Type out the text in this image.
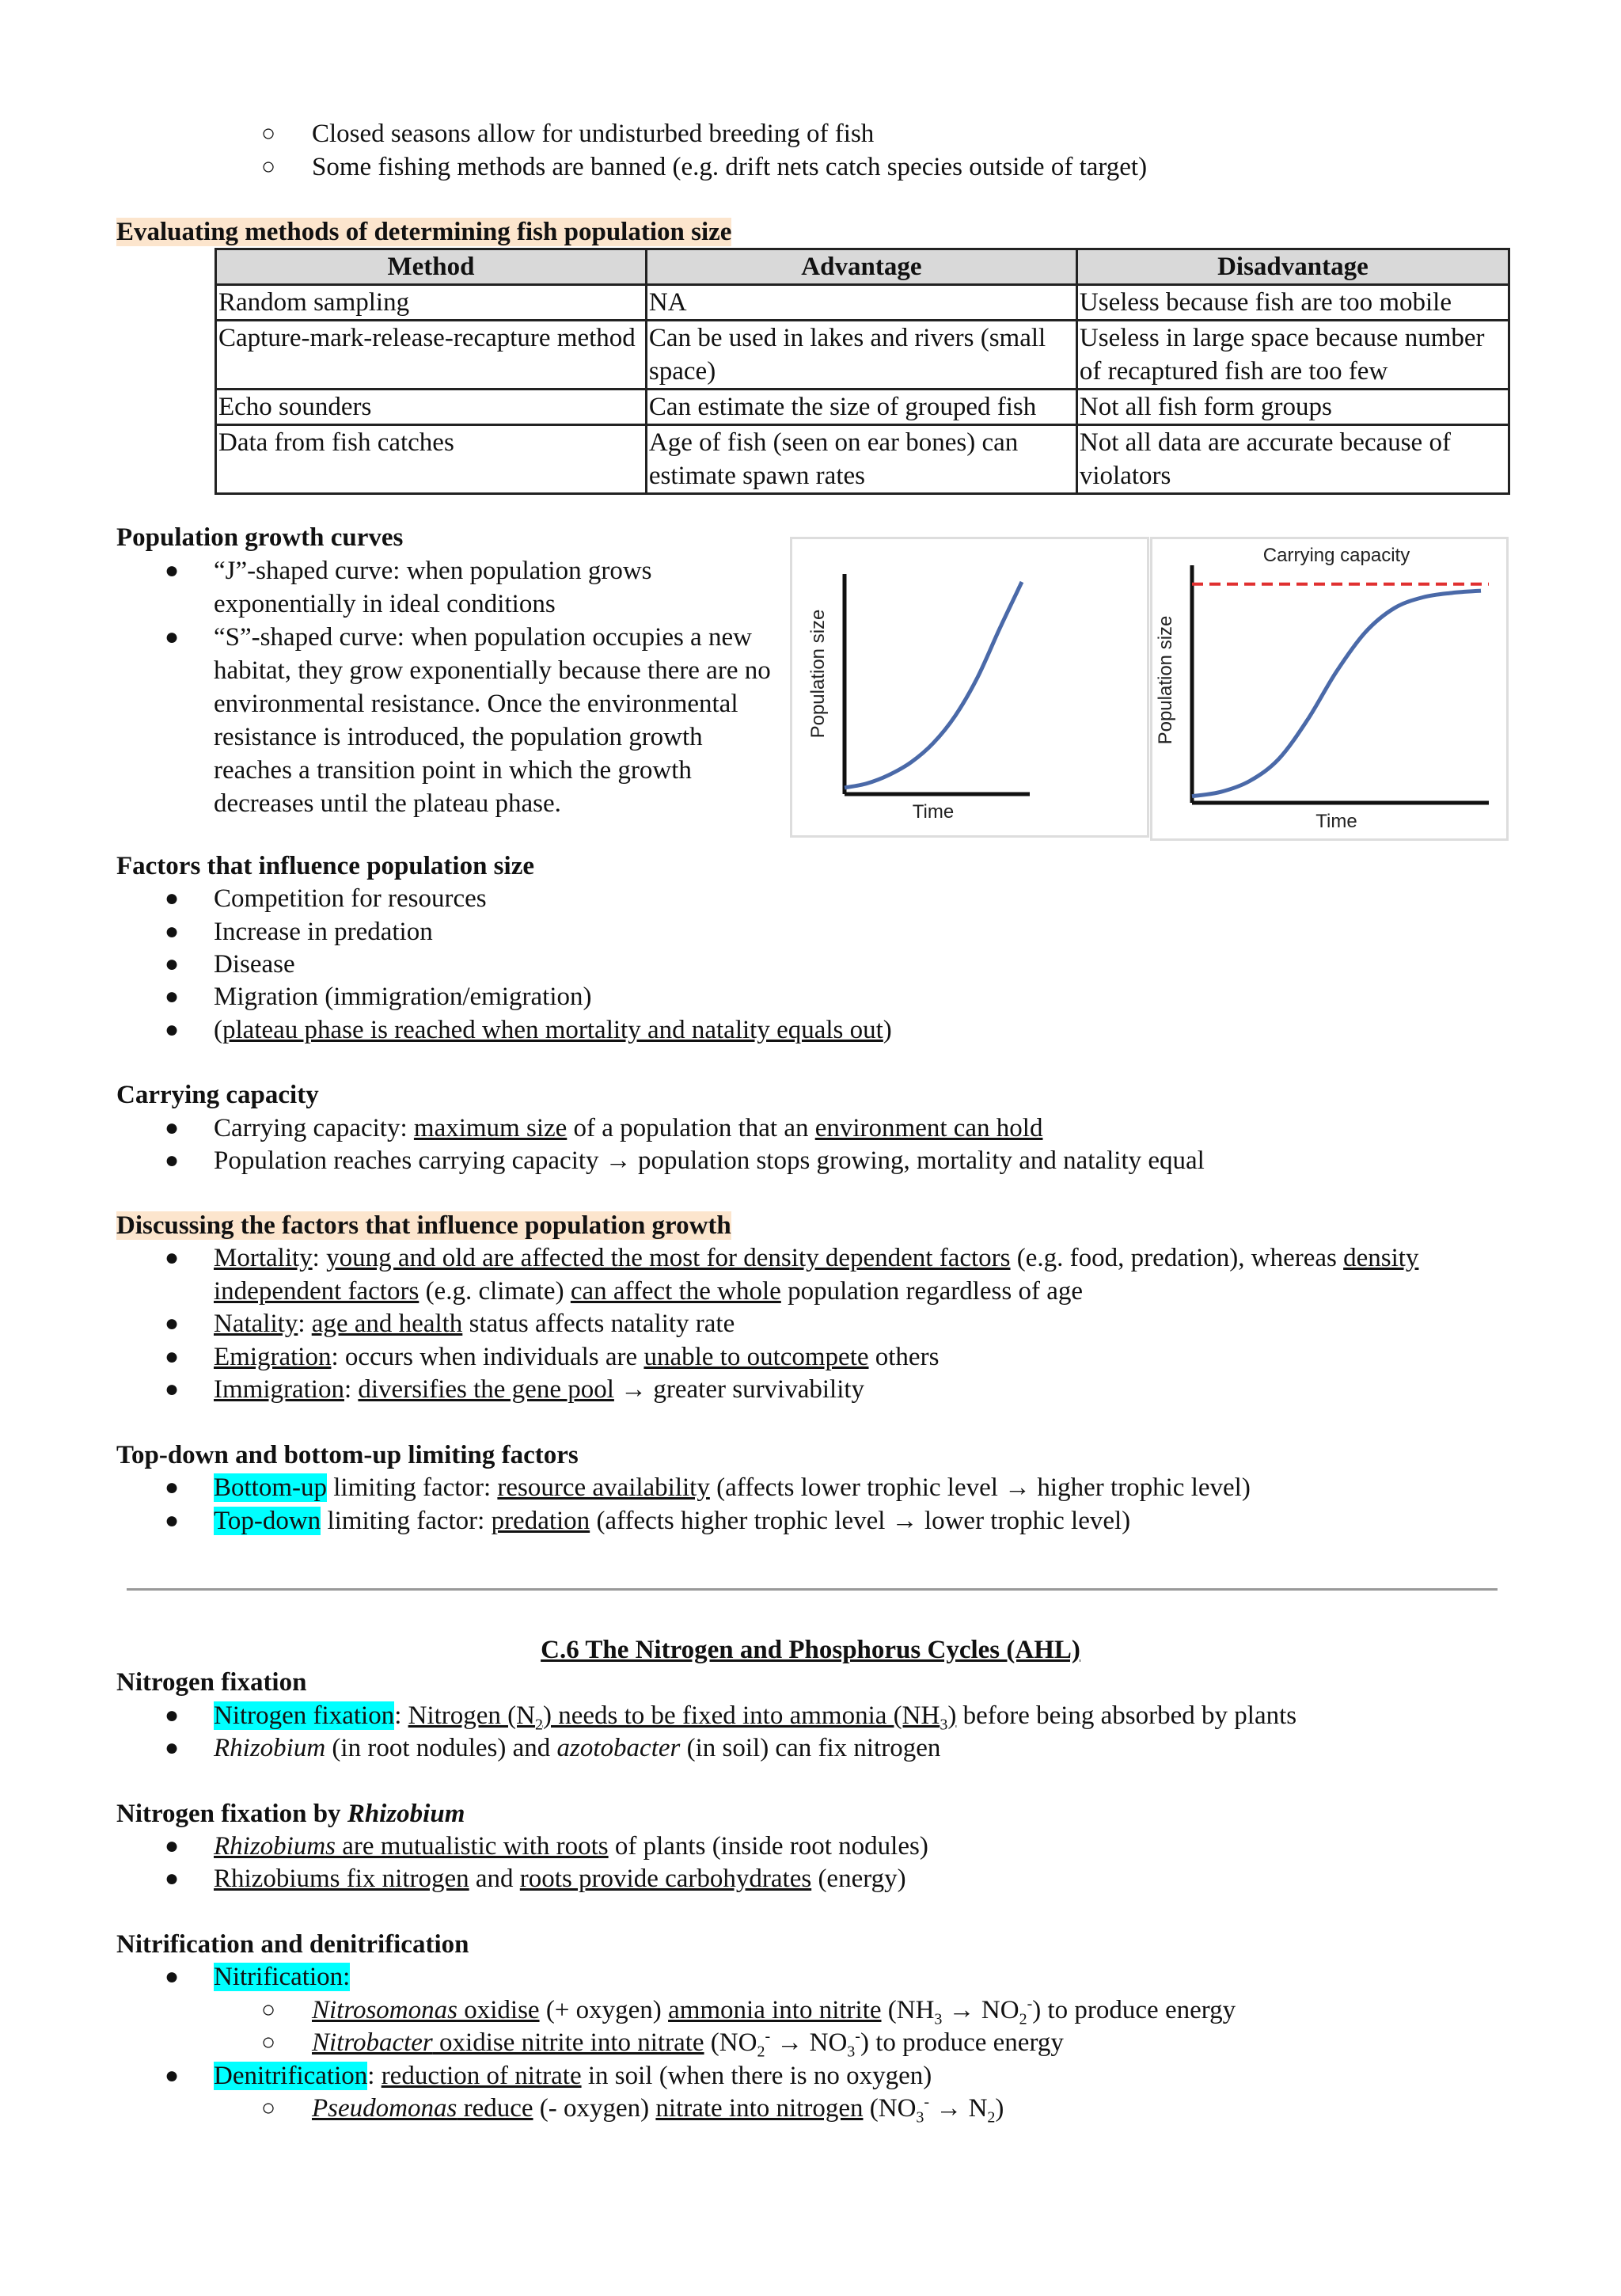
○ Closed seasons allow for undisturbed breeding of fish
○ Some fishing methods are banned (e.g. drift nets catch species outside of target)
Evaluating methods of determining fish population size
Method	Advantage	Disadvantage
Random sampling	NA	Useless because fish are too mobile
Capture-mark-release-recapture method	Can be used in lakes and rivers (small space)	Useless in large space because number of recaptured fish are too few
Echo sounders	Can estimate the size of grouped fish	Not all fish form groups
Data from fish catches	Age of fish (seen on ear bones) can estimate spawn rates	Not all data are accurate because of violators
Population growth curves
● “J”-shaped curve: when population grows exponentially in ideal conditions
● “S”-shaped curve: when population occupies a new habitat, they grow exponentially because there are no environmental resistance. Once the environmental resistance is introduced, the population growth reaches a transition point in which the growth decreases until the plateau phase.	Time
Population size
Time
Population size
Carrying capacity
Factors that influence population size
● Competition for resources
● Increase in predation
● Disease
● Migration (immigration/emigration)
● (plateau phase is reached when mortality and natality equals out)
Carrying capacity
● Carrying capacity: maximum size of a population that an environment can hold
● Population reaches carrying capacity → population stops growing, mortality and natality equal
Discussing the factors that influence population growth
● Mortality: young and old are affected the most for density dependent factors (e.g. food, predation), whereas density
independent factors (e.g. climate) can affect the whole population regardless of age
● Natality: age and health status affects natality rate
● Emigration: occurs when individuals are unable to outcompete others
● Immigration: diversifies the gene pool → greater survivability
Top-down and bottom-up limiting factors
● Bottom-up limiting factor: resource availability (affects lower trophic level → higher trophic level)
● Top-down limiting factor: predation (affects higher trophic level → lower trophic level)
C.6 The Nitrogen and Phosphorus Cycles (AHL)
Nitrogen fixation
● Nitrogen fixation: Nitrogen $(N_2)$ needs to be fixed into ammonia $(NH_3)$ before being absorbed by plants
● Rhizobium (in root nodules) and azotobacter (in soil) can fix nitrogen
Nitrogen fixation by Rhizobium
● Rhizobiums are mutualistic with roots of plants (inside root nodules)
● Rhizobiums fix nitrogen and roots provide carbohydrates (energy)
Nitrification and denitrification
● Nitrification:
○ Nitrosomonas oxidise (+ oxygen) ammonia into nitrite $(NH_3 \to NO_2^-)$ to produce energy
○ Nitrobacter oxidise nitrite into nitrate $(NO_2^- \to NO_3^-)$ to produce energy
● Denitrification: reduction of nitrate in soil (when there is no oxygen)
○ Pseudomonas reduce (- oxygen) nitrate into nitrogen $(NO_3^- \to N_2)$
